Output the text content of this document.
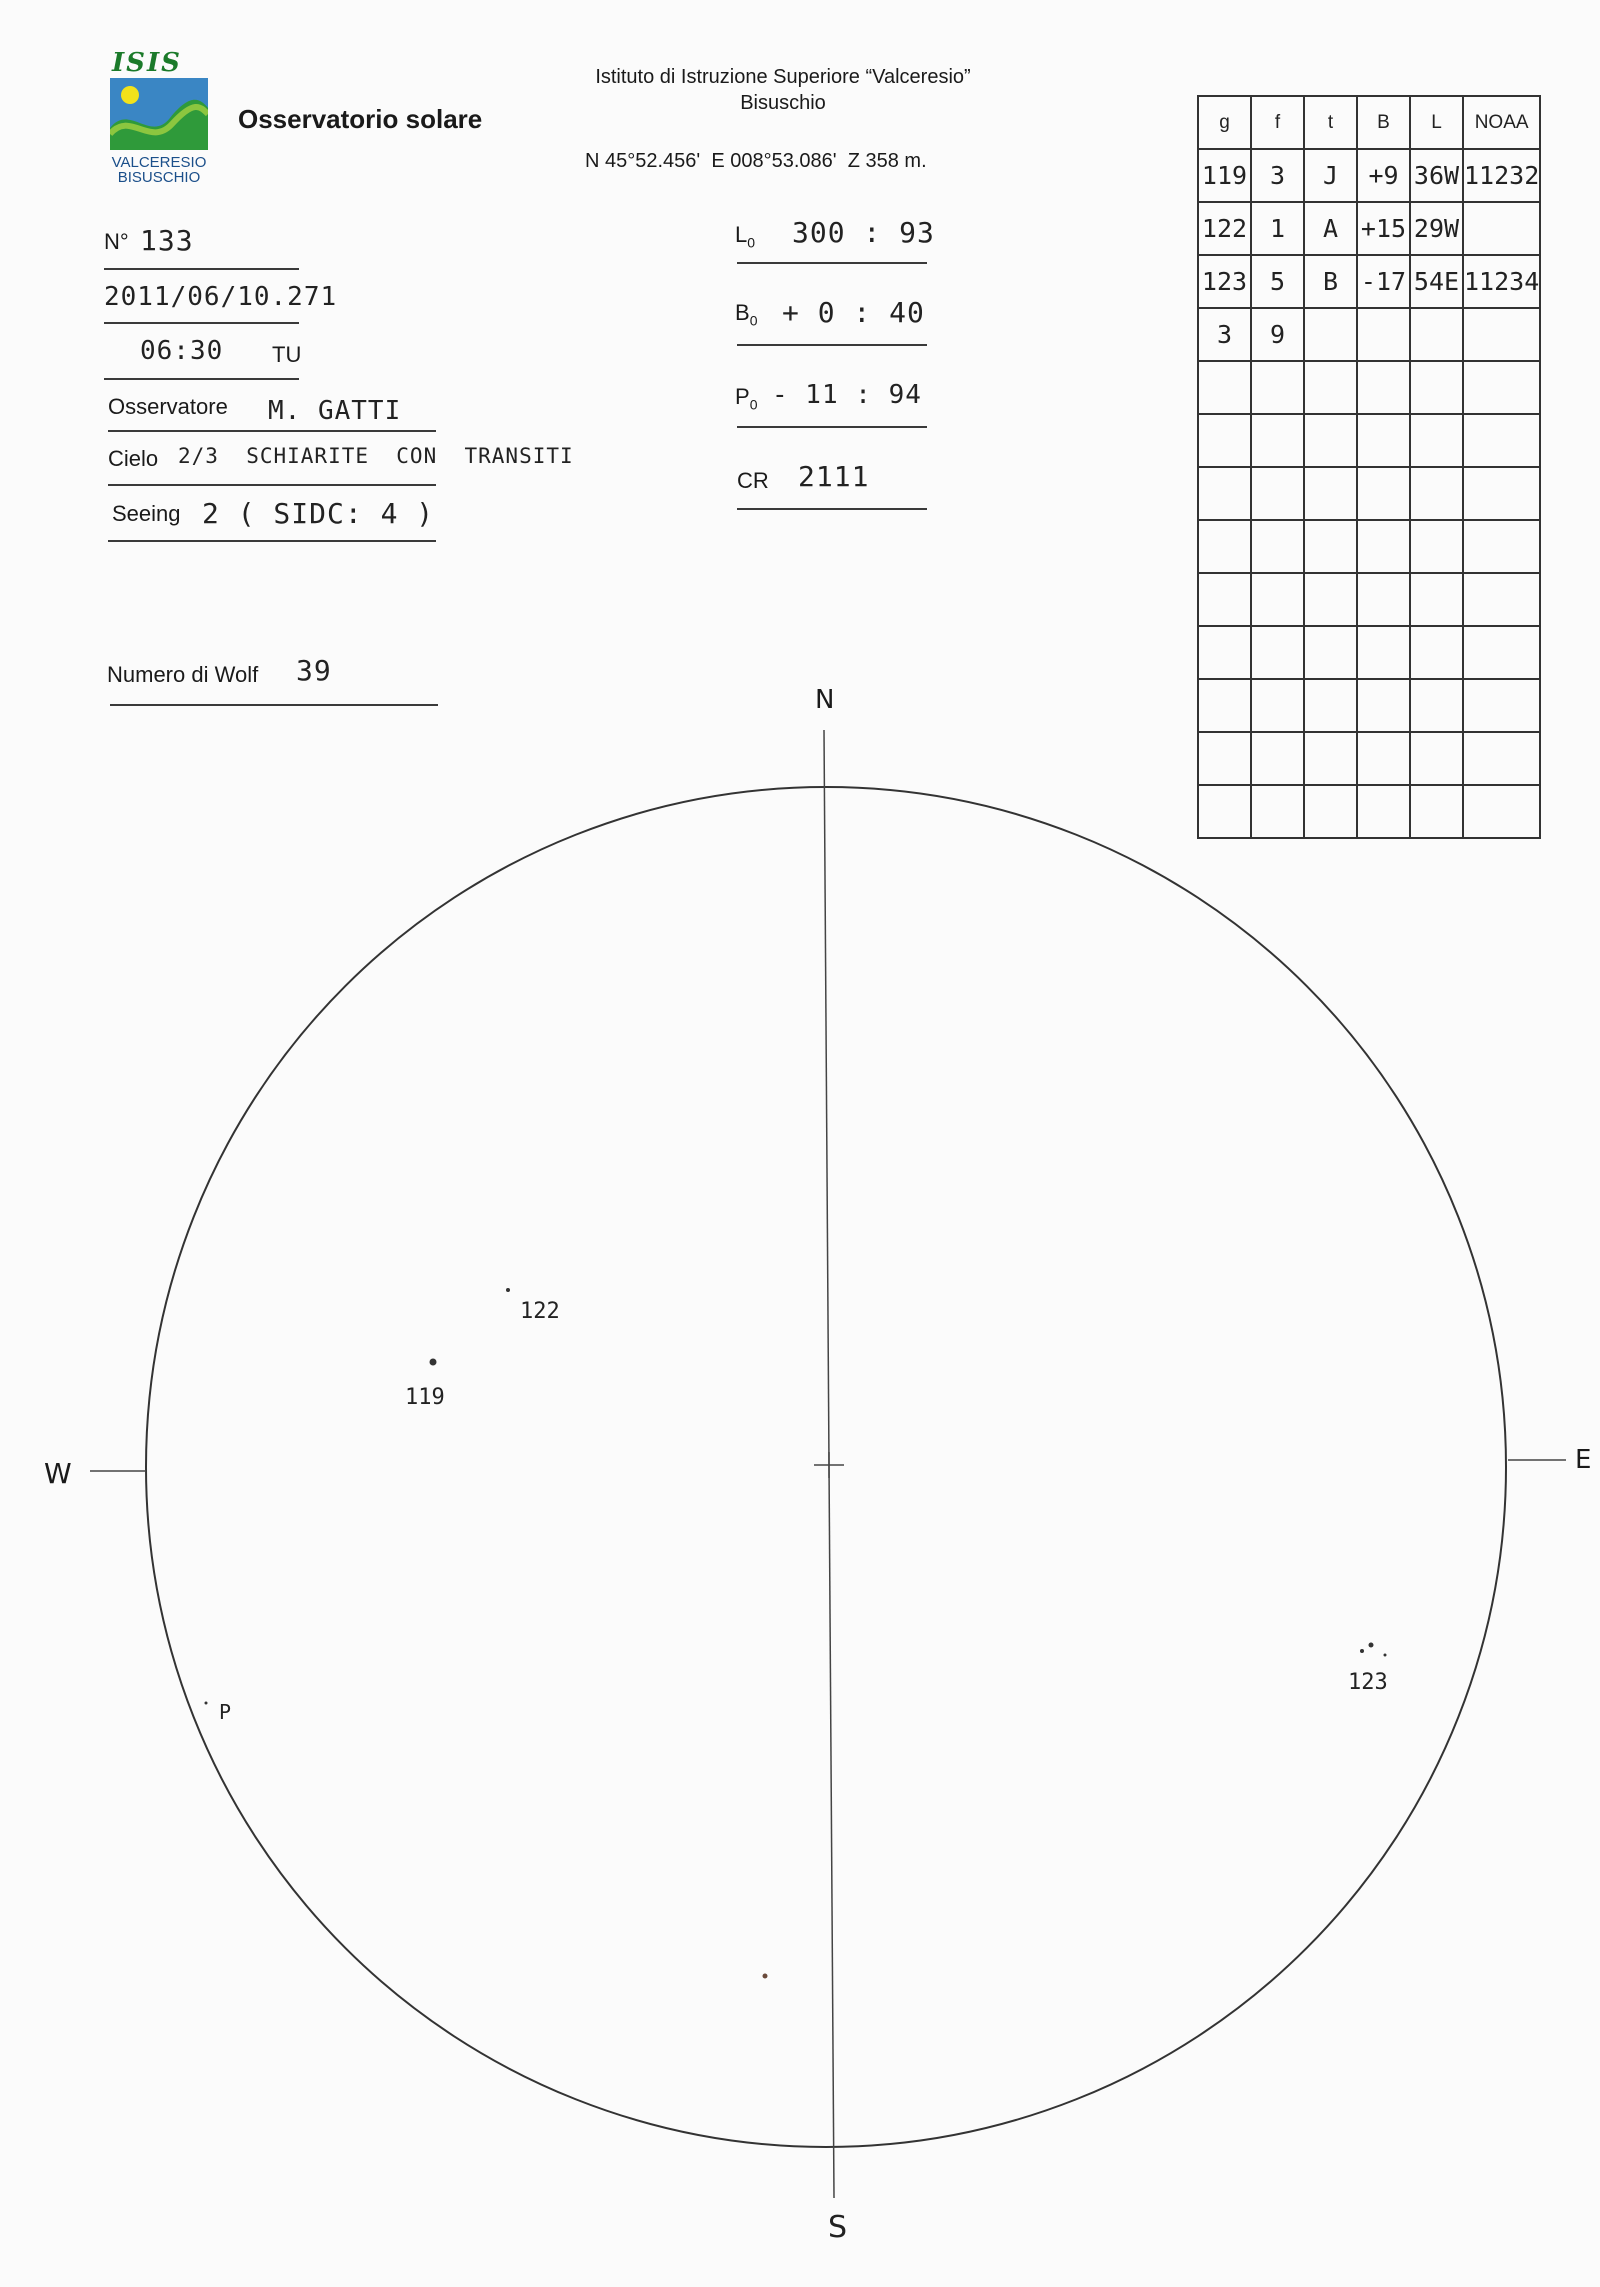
ISIS
VALCERESIO
BISUSCHIO
Osservatorio solare
Istituto di Istruzione Superiore “Valceresio”
Bisuschio
N 45°52.456'  E 008°53.086'  Z 358 m.
N° 133
2011/06/10.271
06:30 TU
Osservatore M. GATTI
Cielo 2/3  SCHIARITE  CON  TRANSITI
Seeing 2 ( SIDC: 4 )
Numero di Wolf 39
$L_0$ 300 : 93
$B_0 + 0$ : 40
$P_0 - 11$ : 94
CR 2111
g	f	t	B	L	NOAA
119	3	J	+9	36W	11232
122	1	A	+15	29W	
123	5	B	-17	54E	11234
3	9				

N
S
W	E
122
119
123
P
